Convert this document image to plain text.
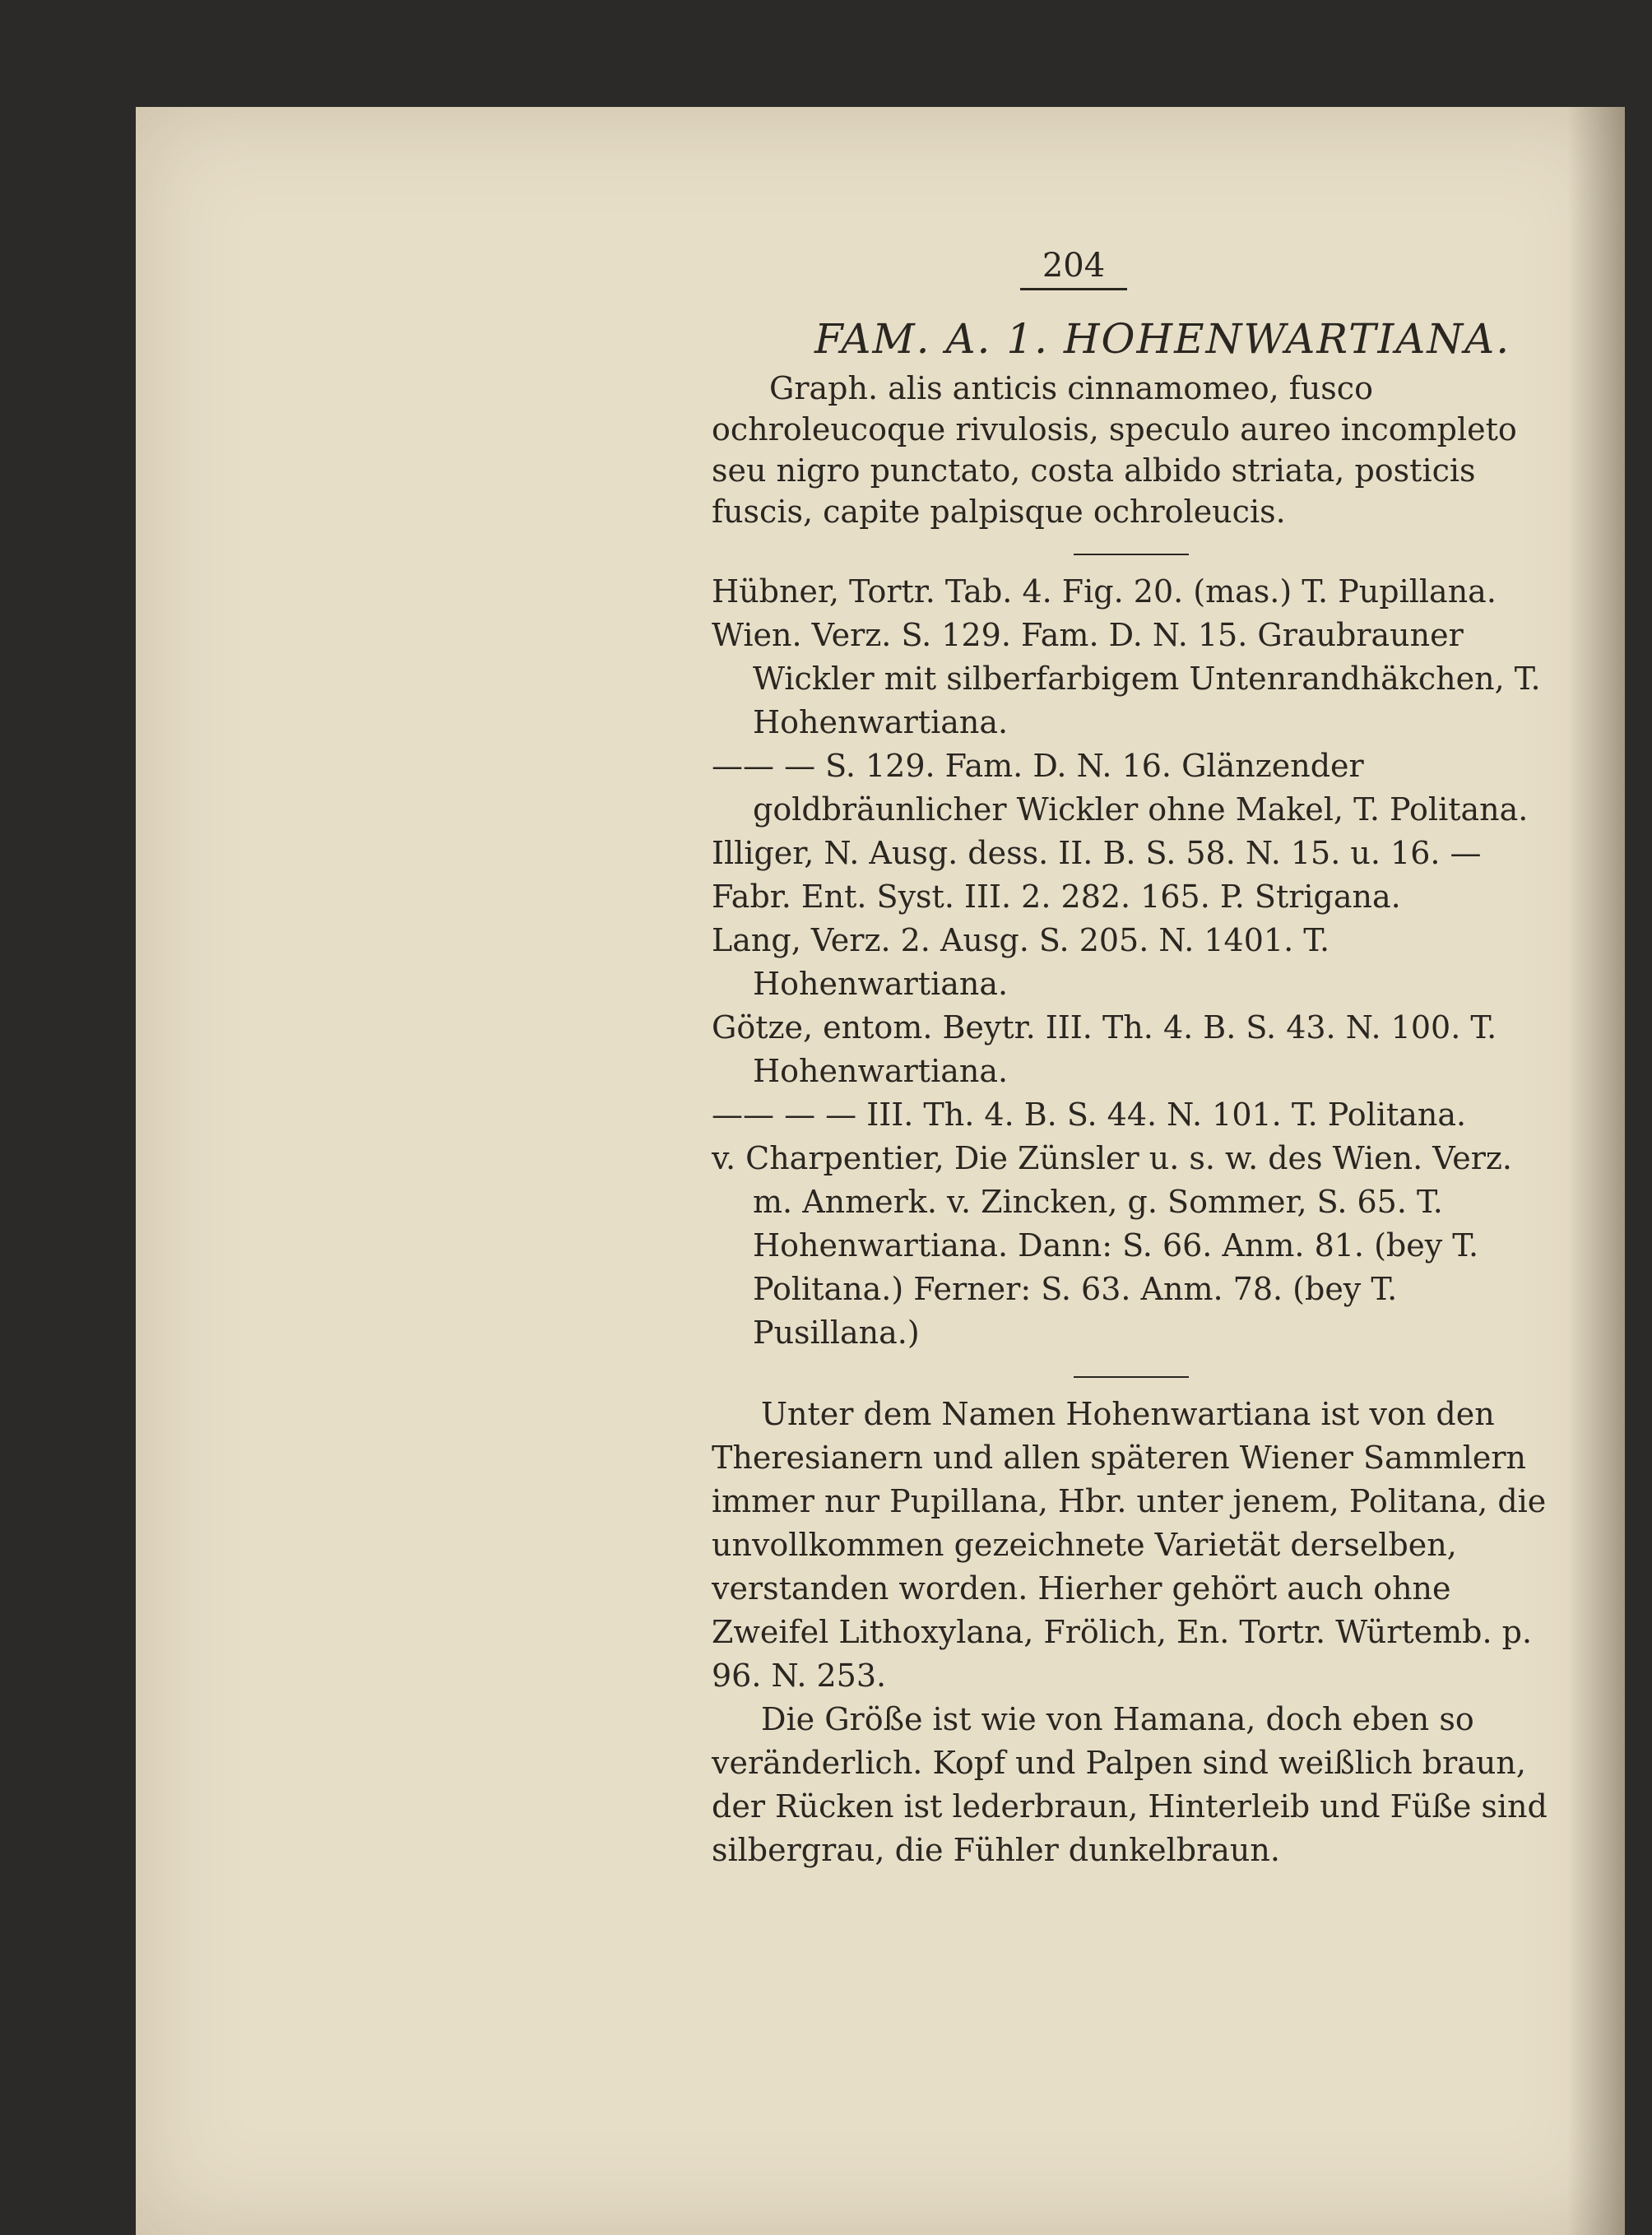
204
FAM. A. 1. HOHENWARTIANA.

Graph. alis anticis cinnamomeo, fusco ochroleucoque rivulosis, speculo aureo incompleto seu nigro punctato, costa albido striata, posticis fuscis, capite palpisque ochroleucis.

Hübner, Tortr. Tab. 4. Fig. 20. (mas.) T. Pupillana.
Wien. Verz. S. 129. Fam. D. N. 15. Graubrauner Wickler mit silberfarbigem Untenrandhäkchen, T. Hohenwartiana.
—— — S. 129. Fam. D. N. 16. Glänzender goldbräunlicher Wickler ohne Makel, T. Politana.
Illiger, N. Ausg. dess. II. B. S. 58. N. 15. u. 16. —
Fabr. Ent. Syst. III. 2. 282. 165. P. Strigana.
Lang, Verz. 2. Ausg. S. 205. N. 1401. T. Hohenwartiana.
Götze, entom. Beytr. III. Th. 4. B. S. 43. N. 100. T. Hohenwartiana.
—— — — III. Th. 4. B. S. 44. N. 101. T. Politana.
v. Charpentier, Die Zünsler u. s. w. des Wien. Verz. m. Anmerk. v. Zincken, g. Sommer, S. 65. T. Hohenwartiana. Dann: S. 66. Anm. 81. (bey T. Politana.) Ferner: S. 63. Anm. 78. (bey T. Pusillana.)

Unter dem Namen Hohenwartiana ist von den Theresianern und allen späteren Wiener Sammlern immer nur Pupillana, Hbr. unter jenem, Politana, die unvollkommen gezeichnete Varietät derselben, verstanden worden. Hierher gehört auch ohne Zweifel Lithoxylana, Frölich, En. Tortr. Würtemb. p. 96. N. 253.

Die Größe ist wie von Hamana, doch eben so veränderlich. Kopf und Palpen sind weißlich braun, der Rücken ist lederbraun, Hinterleib und Füße sind silbergrau, die Fühler dunkelbraun.
